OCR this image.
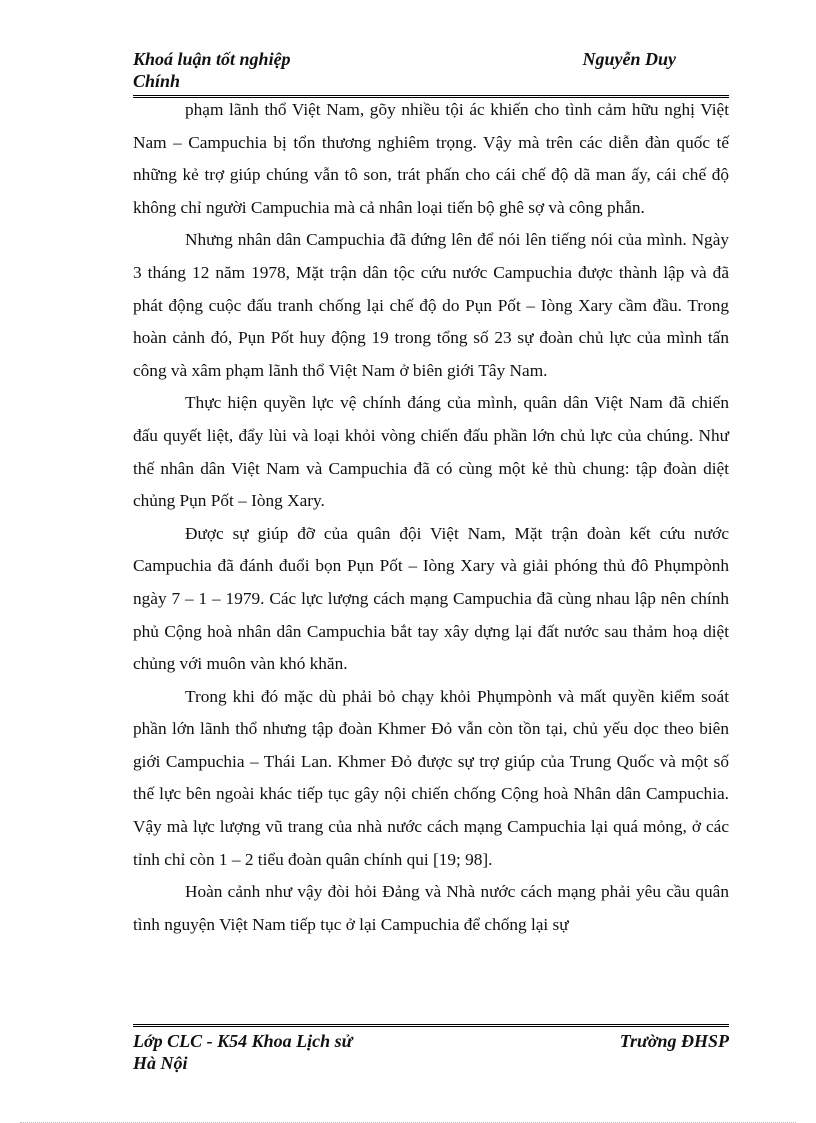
Khoá luận tốt nghiệp	Nguyễn Duy
Chính

phạm lãnh thổ Việt Nam, gõy nhiều tội ác khiến cho tình cảm hữu nghị Việt Nam – Campuchia bị tổn thương nghiêm trọng. Vậy mà trên các diễn đàn quốc tế những kẻ trợ giúp chúng vẫn tô son, trát phấn cho cái chế độ dã man ấy, cái chế độ không chỉ người Campuchia mà cả nhân loại tiến bộ ghê sợ và công phẫn.

Nhưng nhân dân Campuchia đã đứng lên để nói lên tiếng nói của mình. Ngày 3 tháng 12 năm 1978, Mặt trận dân tộc cứu nước Campuchia được thành lập và đã phát động cuộc đấu tranh chống lại chế độ do Pụn Pốt – Iòng Xary cầm đầu. Trong hoàn cảnh đó, Pụn Pốt huy động 19 trong tổng số 23 sự đoàn chủ lực của mình tấn công và xâm phạm lãnh thổ Việt Nam ở biên giới Tây Nam.

Thực hiện quyền lực vệ chính đáng của mình, quân dân Việt Nam đã chiến đấu quyết liệt, đẩy lùi và loại khỏi vòng chiến đấu phần lớn chủ lực của chúng. Như thế nhân dân Việt Nam và Campuchia đã có cùng một kẻ thù chung: tập đoàn diệt chủng Pụn Pốt – Iòng Xary.

Được sự giúp đỡ của quân đội Việt Nam, Mặt trận đoàn kết cứu nước Campuchia đã đánh đuổi bọn Pụn Pốt – Iòng Xary và giải phóng thủ đô Phụmpònh ngày 7 – 1 – 1979. Các lực lượng cách mạng Campuchia đã cùng nhau lập nên chính phủ Cộng hoà nhân dân Campuchia bắt tay xây dựng lại đất nước sau thảm hoạ diệt chủng với muôn vàn khó khăn.

Trong khi đó mặc dù phải bỏ chạy khỏi Phụmpònh và mất quyền kiểm soát phần lớn lãnh thổ nhưng tập đoàn Khmer Đỏ vẫn còn tồn tại, chủ yếu dọc theo biên giới Campuchia – Thái Lan. Khmer Đỏ được sự trợ giúp của Trung Quốc và một số thế lực bên ngoài khác tiếp tục gây nội chiến chống Cộng hoà Nhân dân Campuchia. Vậy mà lực lượng vũ trang của nhà nước cách mạng Campuchia lại quá mỏng, ở các tỉnh chỉ còn 1 – 2 tiểu đoàn quân chính qui [19; 98].

Hoàn cảnh như vậy đòi hỏi Đảng và Nhà nước cách mạng phải yêu cầu quân tình nguyện Việt Nam tiếp tục ở lại Campuchia để chống lại sự

Lớp CLC - K54 Khoa Lịch sử	Trường ĐHSP
Hà Nội
